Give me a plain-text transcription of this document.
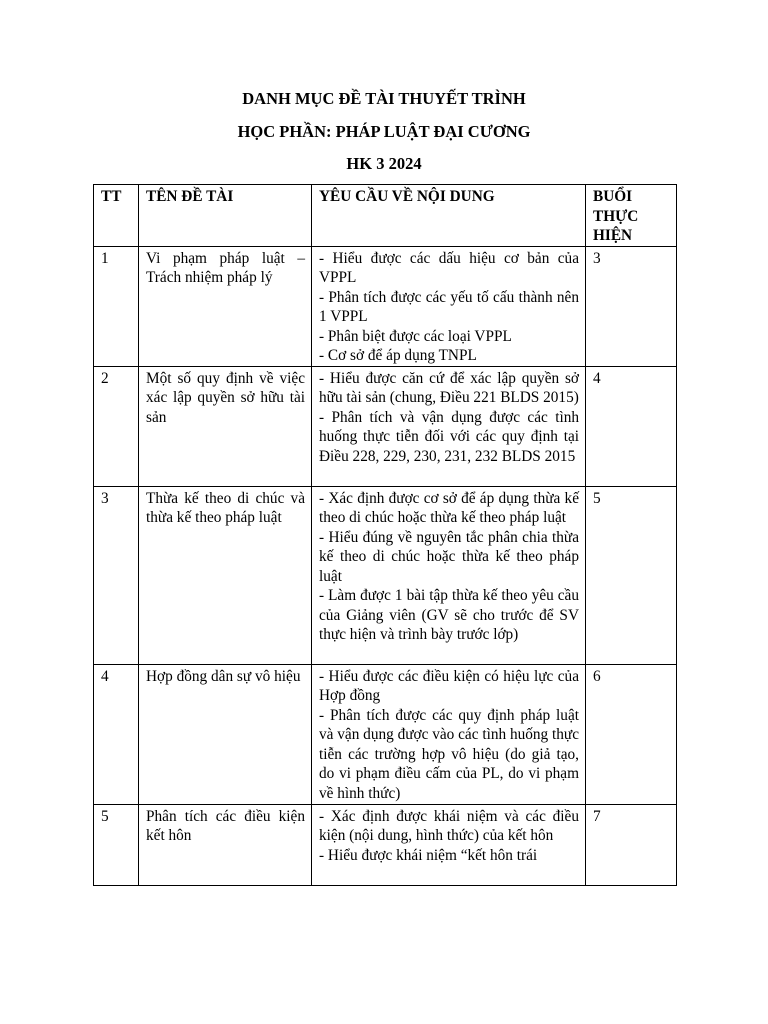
DANH MỤC ĐỀ TÀI THUYẾT TRÌNH
HỌC PHẦN: PHÁP LUẬT ĐẠI CƯƠNG
HK 3 2024
TT	TÊN ĐỀ TÀI	YÊU CẦU VỀ NỘI DUNG	BUỔI THỰC HIỆN
1	Vi phạm pháp luật – Trách nhiệm pháp lý	- Hiểu được các dấu hiệu cơ bản của VPPL
- Phân tích được các yếu tố cấu thành nên 1 VPPL
- Phân biệt được các loại VPPL
- Cơ sở để áp dụng TNPL	3
2	Một số quy định về việc xác lập quyền sở hữu tài sản	- Hiểu được căn cứ để xác lập quyền sở hữu tài sản (chung, Điều 221 BLDS 2015)
- Phân tích và vận dụng được các tình huống thực tiễn đối với các quy định tại Điều 228, 229, 230, 231, 232 BLDS 2015	4
3	Thừa kế theo di chúc và thừa kế theo pháp luật	- Xác định được cơ sở để áp dụng thừa kế theo di chúc hoặc thừa kế theo pháp luật
- Hiểu đúng về nguyên tắc phân chia thừa kế theo di chúc hoặc thừa kế theo pháp luật
- Làm được 1 bài tập thừa kế theo yêu cầu của Giảng viên (GV sẽ cho trước để SV thực hiện và trình bày trước lớp)	5
4	Hợp đồng dân sự vô hiệu	- Hiểu được các điều kiện có hiệu lực của Hợp đồng
- Phân tích được các quy định pháp luật và vận dụng được vào các tình huống thực tiễn các trường hợp vô hiệu (do giả tạo, do vi phạm điều cấm của PL, do vi phạm về hình thức)	6
5	Phân tích các điều kiện kết hôn	- Xác định được khái niệm và các điều kiện (nội dung, hình thức) của kết hôn
- Hiểu được khái niệm “kết hôn trái	7
